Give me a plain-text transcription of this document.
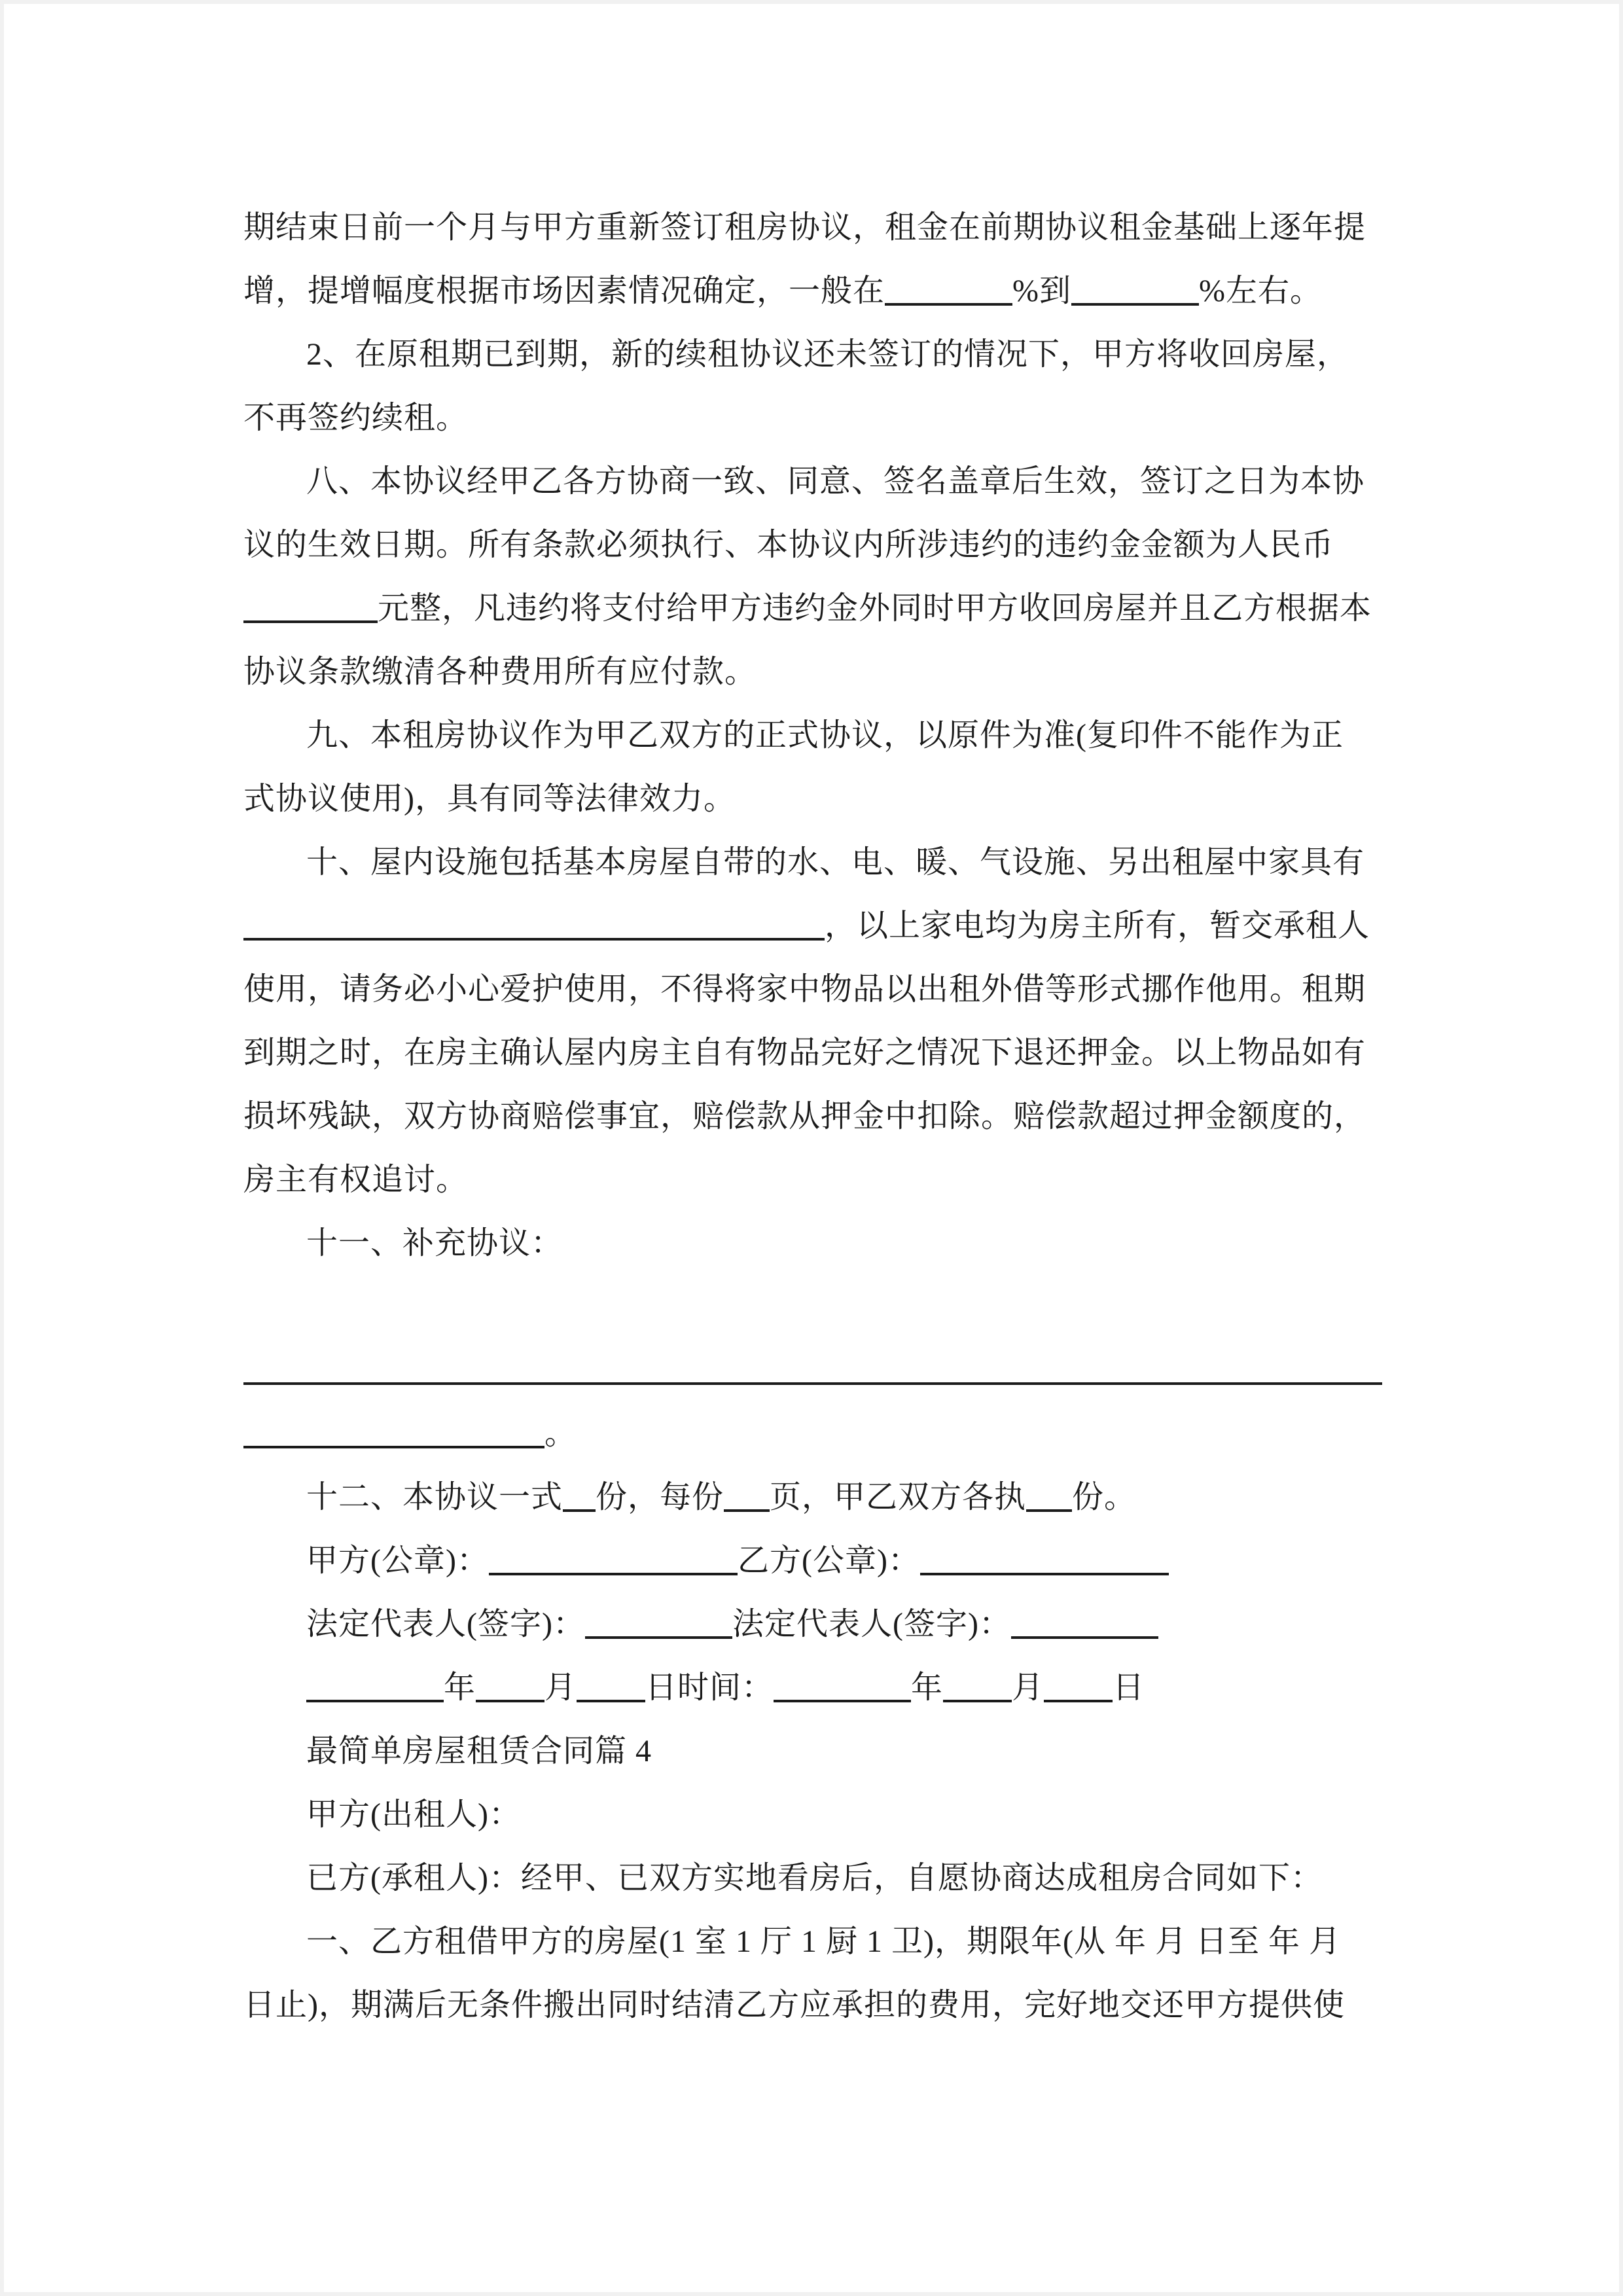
期结束日前一个月与甲方重新签订租房协议，租金在前期协议租金基础上逐年提
增，提增幅度根据市场因素情况确定，一般在	%到	%左右。
2、在原租期已到期，新的续租协议还未签订的情况下，甲方将收回房屋，
不再签约续租。
八、本协议经甲乙各方协商一致、同意、签名盖章后生效，签订之日为本协
议的生效日期。所有条款必须执行、本协议内所涉违约的违约金金额为人民币
元整，凡违约将支付给甲方违约金外同时甲方收回房屋并且乙方根据本
协议条款缴清各种费用所有应付款。
九、本租房协议作为甲乙双方的正式协议，以原件为准(复印件不能作为正
式协议使用)，具有同等法律效力。
十、屋内设施包括基本房屋自带的水、电、暖、气设施、另出租屋中家具有
，以上家电均为房主所有，暂交承租人
使用，请务必小心爱护使用，不得将家中物品以出租外借等形式挪作他用。租期
到期之时，在房主确认屋内房主自有物品完好之情况下退还押金。以上物品如有
损坏残缺，双方协商赔偿事宜，赔偿款从押金中扣除。赔偿款超过押金额度的，
房主有权追讨。
十一、补充协议：
。
十二、本协议一式 份，每份 页，甲乙双方各执 份。
甲方(公章)：	乙方(公章)：
法定代表人(签字)：	法定代表人(签字)：
年 月 日时间：	年 月 日
最简单房屋租赁合同篇 4
甲方(出租人)：
已方(承租人)：经甲、已双方实地看房后，自愿协商达成租房合同如下：
一、乙方租借甲方的房屋(1 室 1 厅 1 厨 1 卫)，期限年(从 年 月 日至 年 月
日止)，期满后无条件搬出同时结清乙方应承担的费用，完好地交还甲方提供使
